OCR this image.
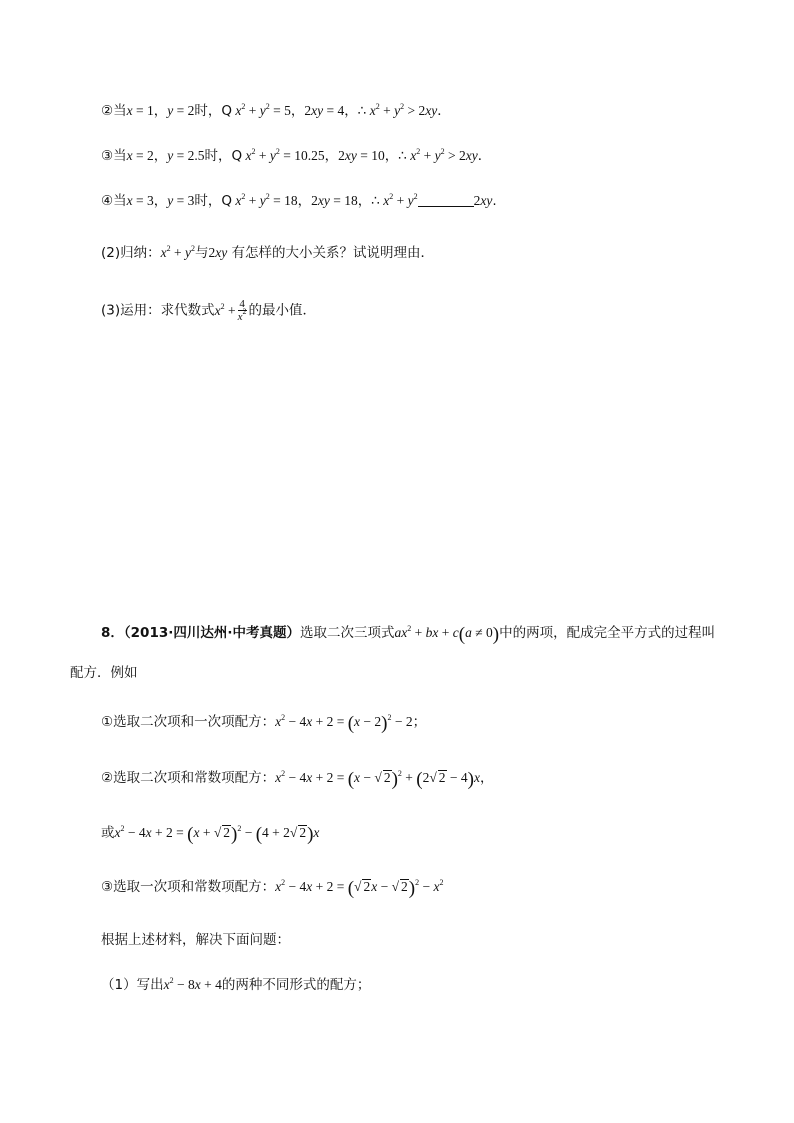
②当x = 1，y = 2时，Q $x^2 + y^2 = 5$，2xy = 4，∴ $x^2 + y^2 > 2xy$．
③当x = 2，y = 2.5时，Q $x^2 + y^2 = 10.25$，2xy = 10，∴ $x^2 + y^2 > 2xy$．
④当x = 3，y = 3时，Q $x^2 + y^2 = 18$，2xy = 18，∴ $x^2 + y^2$	2xy.
(2)归纳：$x^2 + y^2$与2xy 有怎样的大小关系？试说明理由．
(3)运用：求代数式$x^2 + \frac{4}{x^2}$ 的最小值．
8．（2013·四川达州·中考真题）选取二次三项式$ax^2$ + bx + c(a ≠ 0)中的两项，配成完全平方式的过程叫
配方．例如
①选取二次项和一次项配方：$x^2 - 4x + 2 = (x - 2)^2 - 2$；
②选取二次项和常数项配方：$x^2 - 4x + 2 = (x$ − √ 2)$^2$ + (2√ 2 − 4)x，
或$x^2 - 4x + 2 = (x$ + √ 2)$^2$ − (4 + 2√ 2)x
③选取一次项和常数项配方：$x^2 - 4x + 2$ = (√ 2x − √ $2)^2 - x^2$
根据上述材料，解决下面问题：
（1）写出$x^2 - 8x + 4$的两种不同形式的配方；
